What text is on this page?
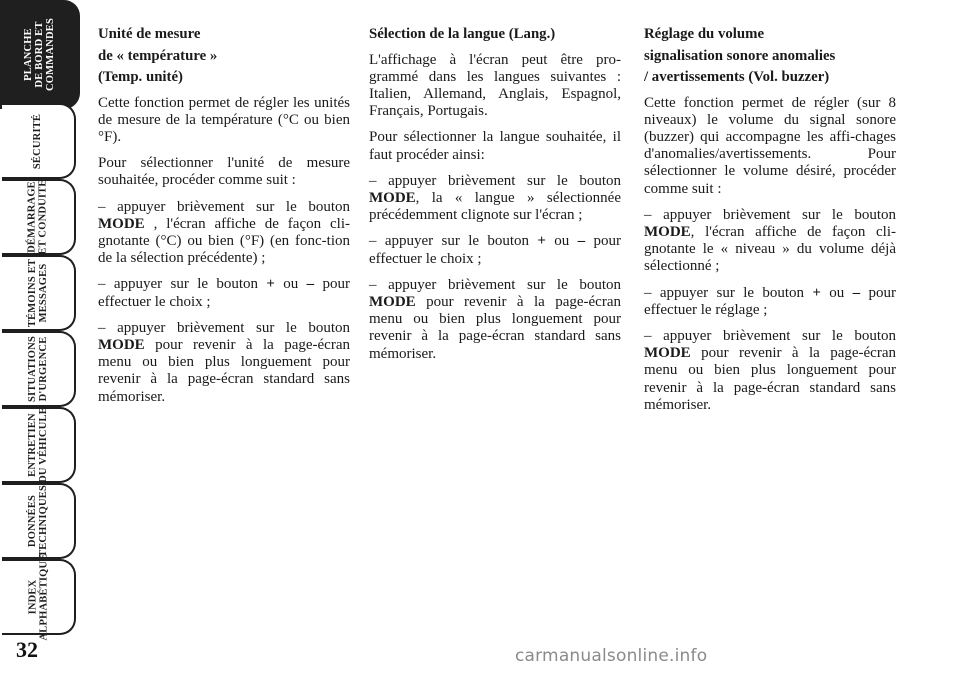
PLANCHE
DE BORD ET
COMMANDES
SÉCURITÉ
DÉMARRAGE
ET CONDUITE
TÉMOINS ET
MESSAGES
SITUATIONS
D'URGENCE
ENTRETIEN
DU VÉHICULE
DONNÉES
TECHNIQUES
INDEX
ALPHABÉTIQUE
32
Unité de mesure
de « température »
(Temp. unité)

Cette fonction permet de régler les unités de mesure de la température (°C ou bien °F).

Pour sélectionner l'unité de mesure souhaitée, procéder comme suit :

– appuyer brièvement sur le bouton MODE , l'écran affiche de façon cli-gnotante (°C) ou bien (°F) (en fonc-tion de la sélection précédente) ;

– appuyer sur le bouton + ou – pour effectuer le choix ;

– appuyer brièvement sur le bouton MODE pour revenir à la page-écran menu ou bien plus longuement pour revenir à la page-écran standard sans mémoriser.

Sélection de la langue (Lang.)

L'affichage à l'écran peut être pro-grammé dans les langues suivantes : Italien, Allemand, Anglais, Espagnol, Français, Portugais.

Pour sélectionner la langue souhaitée, il faut procéder ainsi:

– appuyer brièvement sur le bouton MODE, la « langue » sélectionnée précédemment clignote sur l'écran ;

– appuyer sur le bouton + ou – pour effectuer le choix ;

– appuyer brièvement sur le bouton MODE pour revenir à la page-écran menu ou bien plus longuement pour revenir à la page-écran standard sans mémoriser.

Réglage du volume
signalisation sonore anomalies
/ avertissements (Vol. buzzer)

Cette fonction permet de régler (sur 8 niveaux) le volume du signal sonore (buzzer) qui accompagne les affi-chages d'anomalies/avertissements. Pour sélectionner le volume désiré, procéder comme suit :

– appuyer brièvement sur le bouton MODE, l'écran affiche de façon cli-gnotante le « niveau » du volume déjà sélectionné ;

– appuyer sur le bouton + ou – pour effectuer le réglage ;

– appuyer brièvement sur le bouton MODE pour revenir à la page-écran menu ou bien plus longuement pour revenir à la page-écran standard sans mémoriser.

carmanualsonline.info
